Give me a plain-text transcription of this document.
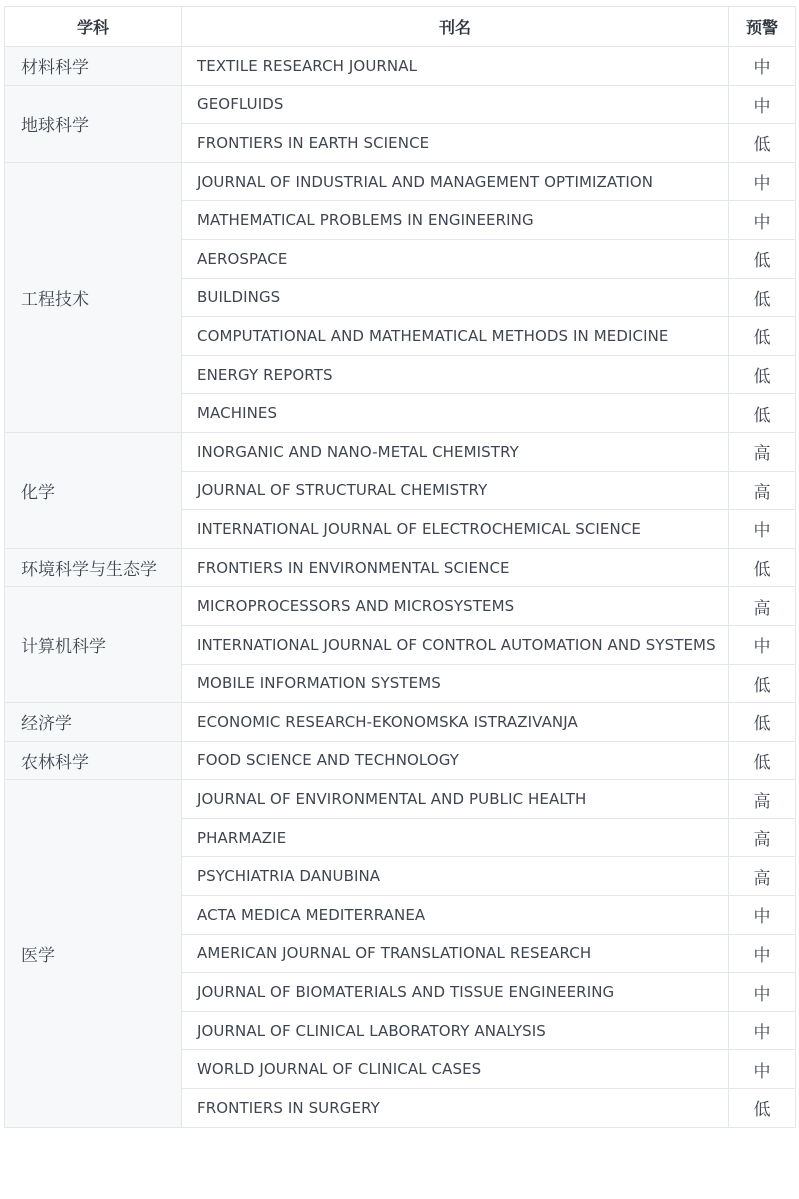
学科	刊名	预警
材料科学	TEXTILE RESEARCH JOURNAL	中
地球科学	GEOFLUIDS	中
	FRONTIERS IN EARTH SCIENCE	低
工程技术	JOURNAL OF INDUSTRIAL AND MANAGEMENT OPTIMIZATION	中
	MATHEMATICAL PROBLEMS IN ENGINEERING	中
	AEROSPACE	低
	BUILDINGS	低
	COMPUTATIONAL AND MATHEMATICAL METHODS IN MEDICINE	低
	ENERGY REPORTS	低
	MACHINES	低
化学	INORGANIC AND NANO-METAL CHEMISTRY	高
	JOURNAL OF STRUCTURAL CHEMISTRY	高
	INTERNATIONAL JOURNAL OF ELECTROCHEMICAL SCIENCE	中
环境科学与生态学	FRONTIERS IN ENVIRONMENTAL SCIENCE	低
计算机科学	MICROPROCESSORS AND MICROSYSTEMS	高
	INTERNATIONAL JOURNAL OF CONTROL AUTOMATION AND SYSTEMS	中
	MOBILE INFORMATION SYSTEMS	低
经济学	ECONOMIC RESEARCH-EKONOMSKA ISTRAZIVANJA	低
农林科学	FOOD SCIENCE AND TECHNOLOGY	低
医学	JOURNAL OF ENVIRONMENTAL AND PUBLIC HEALTH	高
	PHARMAZIE	高
	PSYCHIATRIA DANUBINA	高
	ACTA MEDICA MEDITERRANEA	中
	AMERICAN JOURNAL OF TRANSLATIONAL RESEARCH	中
	JOURNAL OF BIOMATERIALS AND TISSUE ENGINEERING	中
	JOURNAL OF CLINICAL LABORATORY ANALYSIS	中
	WORLD JOURNAL OF CLINICAL CASES	中
	FRONTIERS IN SURGERY	低
